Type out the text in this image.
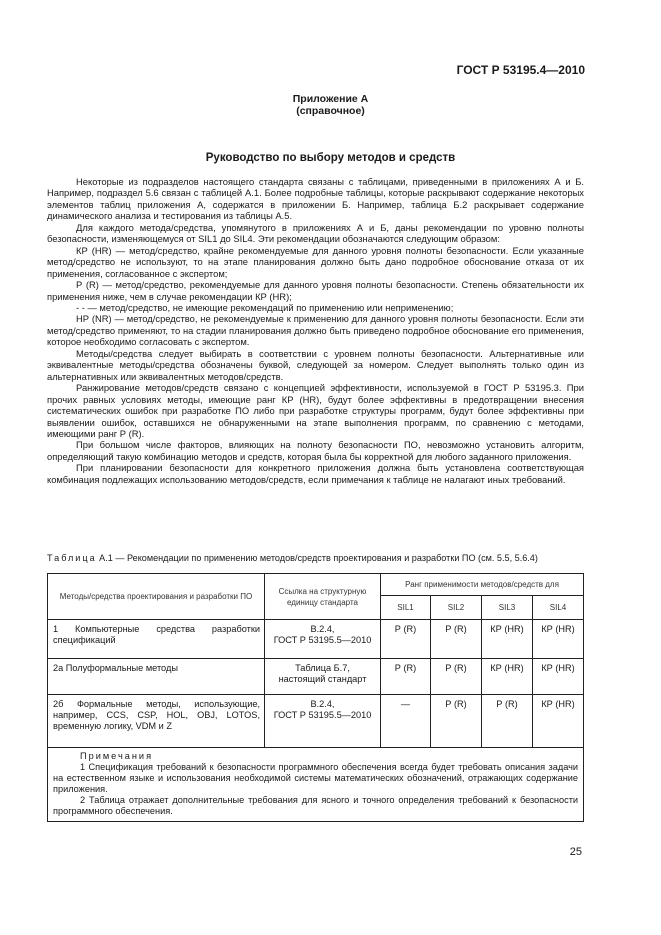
ГОСТ Р 53195.4—2010
Приложение А
(справочное)
Руководство по выбору методов и средств

Некоторые из подразделов настоящего стандарта связаны с таблицами, приведенными в приложениях А и Б. Например, подраздел 5.6 связан с таблицей А.1. Более подробные таблицы, которые раскрывают содержание некоторых элементов таблиц приложения А, содержатся в приложении Б. Например, таблица Б.2 раскрывает содержание динамического анализа и тестирования из таблицы А.5.

Для каждого метода/средства, упомянутого в приложениях А и Б, даны рекомендации по уровню полноты безопасности, изменяющемуся от SIL1 до SIL4. Эти рекомендации обозначаются следующим образом:

КР (HR) — метод/средство, крайне рекомендуемые для данного уровня полноты безопасности. Если указанные метод/средство не используют, то на этапе планирования должно быть дано подробное обоснование отказа от их применения, согласованное с экспертом;

Р (R) — метод/средство, рекомендуемые для данного уровня полноты безопасности. Степень обязательности их применения ниже, чем в случае рекомендации КР (HR);

- - — метод/средство, не имеющие рекомендаций по применению или неприменению;

НР (NR) — метод/средство, не рекомендуемые к применению для данного уровня полноты безопасности. Если эти метод/средство применяют, то на стадии планирования должно быть приведено подробное обоснование его применения, которое необходимо согласовать с экспертом.

Методы/средства следует выбирать в соответствии с уровнем полноты безопасности. Альтернативные или эквивалентные методы/средства обозначены буквой, следующей за номером. Следует выполнять только один из альтернативных или эквивалентных методов/средств.

Ранжирование методов/средств связано с концепцией эффективности, используемой в ГОСТ Р 53195.3. При прочих равных условиях методы, имеющие ранг КР (HR), будут более эффективны в предотвращении внесения систематических ошибок при разработке ПО либо при разработке структуры программ, будут более эффективны при выявлении ошибок, оставшихся не обнаруженными на этапе выполнения программ, по сравнению с методами, имеющими ранг Р (R).

При большом числе факторов, влияющих на полноту безопасности ПО, невозможно установить алгоритм, определяющий такую комбинацию методов и средств, которая была бы корректной для любого заданного приложения.

При планировании безопасности для конкретного приложения должна быть установлена соответствующая комбинация подлежащих использованию методов/средств, если примечания к таблице не налагают иных требований.

Таблица А.1 — Рекомендации по применению методов/средств проектирования и разработки ПО (см. 5.5, 5.6.4)
Методы/средства проектирования и разработки ПО	Ссылка на структурную единицу стандарта	Ранг применимости методов/средств для			
		SIL1	SIL2	SIL3	SIL4
1 Компьютерные средства разработки спецификаций	В.2.4,
ГОСТ Р 53195.5—2010	Р (R)	Р (R)	КР (HR)	КР (HR)
2а Полуформальные методы	Таблица Б.7,
настоящий стандарт	Р (R)	Р (R)	КР (HR)	КР (HR)
2б Формальные методы, использующие, например, CCS, CSP, HOL, OBJ, LOTOS, временную логику, VDM и Z	В.2.4,
ГОСТ Р 53195.5—2010	—	Р (R)	Р (R)	КР (HR)

Примечания

1 Спецификация требований к безопасности программного обеспечения всегда будет требовать описания задачи на естественном языке и использования необходимой системы математических обозначений, отражающих содержание приложения.

2 Таблица отражает дополнительные требования для ясного и точного определения требований к безопасности программного обеспечения.					

25
